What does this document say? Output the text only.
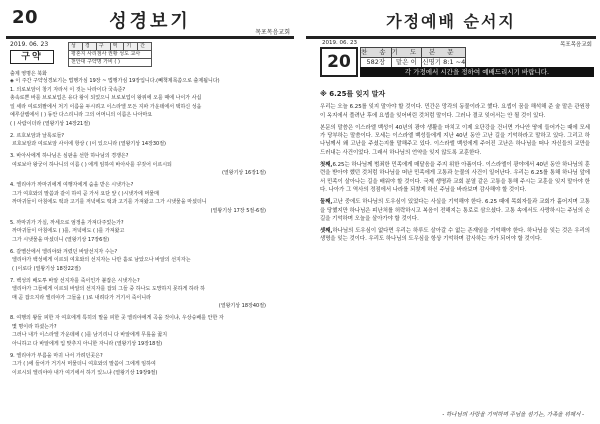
20	성경보기
목포목음교회
2019. 06. 23
구약
성	경	구	역	기	간
평혼지 사리점사 권황 성도 교사
천안대 구약명 가비 ( )
출제 영명은 북화
◈ 이 주간 구약성경보기는 법행가심 19장 ~ 법행가심 19장입니다.(빼책제목씀으로 출제됩니다)
1. 의로보암이 창기 자라서 이 것는 나라이다 국속준?
총속로쁜 바를 브로보업은 유다 왕이 되었으니 브로보업이 왕위에 오를 때에 나이가 사십
일 세라 여로외팔에서 처기 이름을 두시려고 이스라엘 모든 지파 가운데에서 택하신 성읍
예루살렘에서 ( ) 동안 다스리니라 그의 어머니의 이름은 나아마요
( ) 사람이더라 (열왕기상 14장21절)
2. 르호보암과 날록로들?
르호보암과 여로보암 사이에 항상 ( )이 있으니라 (열왕기상 14장30절)
3. 바아사에게 하나님은 심판을 선한 하나님의 경쟁은?
여로보아 왕궁이 하나니의 이름 ( ) 에게 임하여 바아사를 꾸짖어 이르시되
(열왕기상 16장1절)
4. 엘리야가 까마귀에게 여행자에게 숨을 받은 시냇가는?
그가 여호와의 말씀과 같이 하여 곧 가서 요단 앞 ( )시냇가에 머물매
까마귀들이 아침에도 떡과 고기를 저녁에도 떡과 고기를 가져왔고 그가 시냇물을 마셨더니
(열왕기상 17장 5절-6절)
5. 까마귀가 가실, 까세으로 엄정을 가져다주었는가?
까마귀들이 아침에도 ( )를, 저녁에도 ( )를 가져왔고
그가 시냇물을 마셨더니 (열왕기상 17장6절)
6. 갈멜산에서 엘리야와 겨렸던 바알선지자 수는?
엘리야가 백성에게 이르되 여호와의 선지자는 나만 홀로 남았으나 바알의 선지자는
( )이로다 (열왕기상 18장22절)
7. 백성의 배도투 바알 선지자를 죽이인가 붙잡은 시냇가는?
엘리야가 그들에게 이르되 바알의 선지자를 잡되 그들 중 하나도 도망하지 못하게 하라 하
매 곧 잡으지라 엘리야가 그들을 ( )로 내려다가 거기서 죽이니라
(열왕기상 18장40절)
8. 여행의 왕들 피한 자 여호에게 특히의 말을 피한 곳 엘리야에게 곡을 것이냐, 우상숭배를 안한 자
몇 명이라 하셨는가?
그러나 내가 이스라엘 가운데에 ( )를 남기리니 다 바알에게 무릎을 꿇지
아니하고 다 바알에게 입 맞추지 아니한 자니라 (열왕기상 19장18절)
9. 엘리야가 부름을 마귀 나서 가려던곳은?
그가 ( )에 들어가 거기서 머물더니 여호와의 말씀이 그에게 임하여
이르시되 엘리야야 내가 여기에서 하기 있느냐 (열왕기상 19장9절)
가정예배 순서지
2019. 06. 23	목포목음교회
20	찬 송	기 도	본 문
582장	맡은 이	신명기 8:1 ~4
각 가정에서 시간을 정하여 예배드리시기 바랍니다.
※ 6.25를 잊지 말자

우리는 오늘 6.25를 잊지 말아야 할 것이다. 민간은 망각의 동물이라고 했다. 요셉이 꿈을 해석해 준 술 맡은 관원장이 옥지에서 풀려난 후에 요셉을 잊어버린 것처럼 말이다. 그러나 결코 잊어서는 안 될 것이 있다.

본문의 말씀은 이스라엘 백성이 40년의 광야 생활을 마치고 이제 요단강을 건너면 가나안 땅에 들어가는 때에 모세가 당부하는 말씀이다. 모세는 이스라엘 백성들에게 지난 40년 동안 고난 길을 기억하라고 말하고 있다. 그리고 하나님께서 왜 고난을 주셨는지를 말해주고 있다. 이스라엘 백성에게 주어진 고난은 하나님을 떠나 자신들의 교만을 드러내는 사건이었다. 그래서 하나님의 언약을 잊지 않도록 교훈한다.

첫째,6.25는 하나님께 범죄한 민족에게 매달음을 주지 위한 아픔이다. 이스라엘이 광야에서 40년 동안 하나님의 훈련을 받아야 했던 것처럼 하나님을 떠난 민족에게 고통과 눈물의 사건이 일어난다. 우리는 6.25를 통해 하나님 앞에서 민족이 살아나는 길을 배워야 할 것이다. 국제 생명과 교회 분열 같은 고통을 통해 주시는 교훈을 잊지 말아야 한다. 나아가 그 역사의 정점에서 나라를 되찾게 하신 주님을 바라보며 감사해야 할 것이다.

둘째,고난 중에도 하나님의 도우심이 있었다는 사실을 기억해야 한다. 6.25 때에 목회자들과 교회가 흩어지며 고통을 당했지만 하나님은 피난처를 허락하시고 복음이 전해지는 통로로 삼으셨다. 고통 속에서도 사랑하시는 주님의 손길을 기억하며 오늘을 살아가야 할 것이다.

셋째,하나님의 도우심이 없다면 우리는 하루도 살아갈 수 없는 존재임을 기억해야 한다. 하나님을 잊는 것은 우리의 생명을 잊는 것이다. 우리도 하나님의 도우심을 항상 기억하며 감사하는 자가 되어야 할 것이다.

- 하나님의 사랑을 기억하며 주님을 섬기는, 가족을 위해서 -
